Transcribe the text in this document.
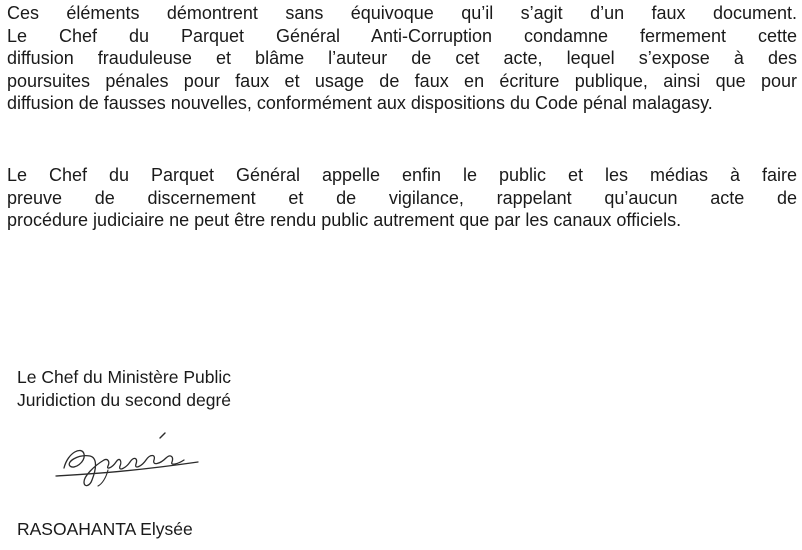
Ces éléments démontrent sans équivoque qu’il s’agit d’un faux document.
Le Chef du Parquet Général Anti-Corruption condamne fermement cette
diffusion frauduleuse et blâme l’auteur de cet acte, lequel s’expose à des
poursuites pénales pour faux et usage de faux en écriture publique, ainsi que pour
diffusion de fausses nouvelles, conformément aux dispositions du Code pénal malagasy.
Le Chef du Parquet Général appelle enfin le public et les médias à faire
preuve de discernement et de vigilance, rappelant qu’aucun acte de
procédure judiciaire ne peut être rendu public autrement que par les canaux officiels.
Le Chef du Ministère Public
Juridiction du second degré
RASOAHANTA Elysée
